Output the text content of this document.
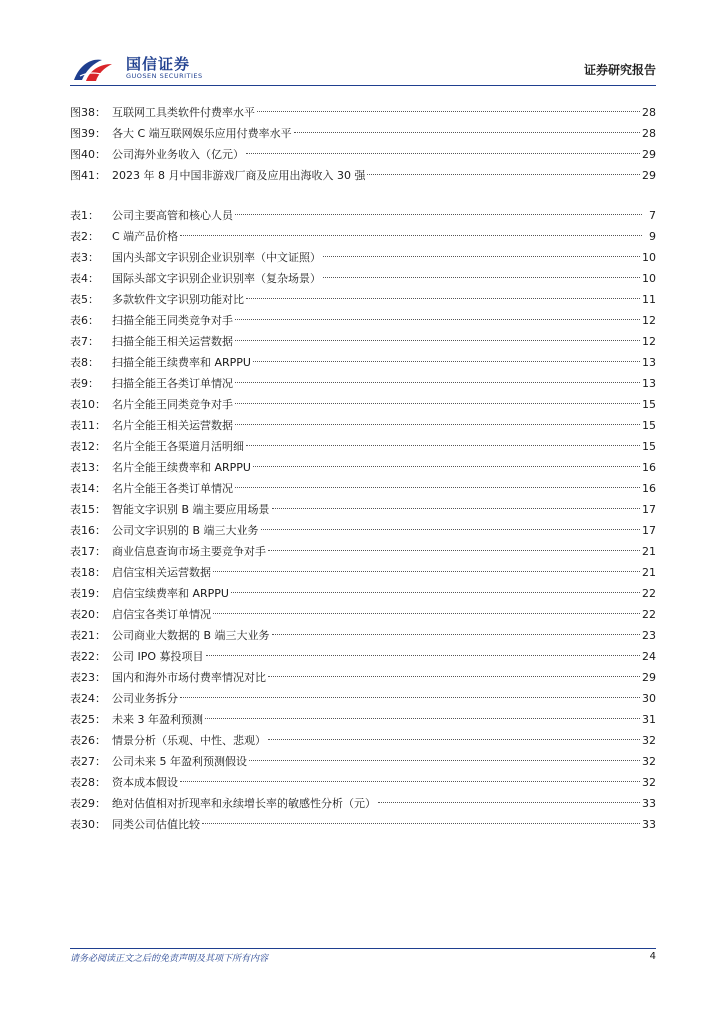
国信证券
GUOSEN SECURITIES	证券研究报告
图38： 互联网工具类软件付费率水平	28
图39： 各大 C 端互联网娱乐应用付费率水平	28
图40： 公司海外业务收入（亿元）	29
图41： 2023 年 8 月中国非游戏厂商及应用出海收入 30 强	29
表1：	公司主要高管和核心人员	7
表2：	C 端产品价格	9
表3：	国内头部文字识别企业识别率（中文证照）	10
表4：	国际头部文字识别企业识别率（复杂场景）	10
表5：	多款软件文字识别功能对比	11
表6：	扫描全能王同类竞争对手	12
表7：	扫描全能王相关运营数据	12
表8：	扫描全能王续费率和 ARPPU	13
表9：	扫描全能王各类订单情况	13
表10： 名片全能王同类竞争对手	15
表11： 名片全能王相关运营数据	15
表12： 名片全能王各渠道月活明细	15
表13： 名片全能王续费率和 ARPPU	16
表14： 名片全能王各类订单情况	16
表15： 智能文字识别 B 端主要应用场景	17
表16： 公司文字识别的 B 端三大业务	17
表17： 商业信息查询市场主要竞争对手	21
表18： 启信宝相关运营数据	21
表19： 启信宝续费率和 ARPPU	22
表20： 启信宝各类订单情况	22
表21： 公司商业大数据的 B 端三大业务	23
表22： 公司 IPO 募投项目	24
表23： 国内和海外市场付费率情况对比	29
表24： 公司业务拆分	30
表25： 未来 3 年盈利预测	31
表26： 情景分析（乐观、中性、悲观）	32
表27： 公司未来 5 年盈利预测假设	32
表28： 资本成本假设	32
表29： 绝对估值相对折现率和永续增长率的敏感性分析（元）	33
表30： 同类公司估值比较	33
请务必阅读正文之后的免责声明及其项下所有内容	4
